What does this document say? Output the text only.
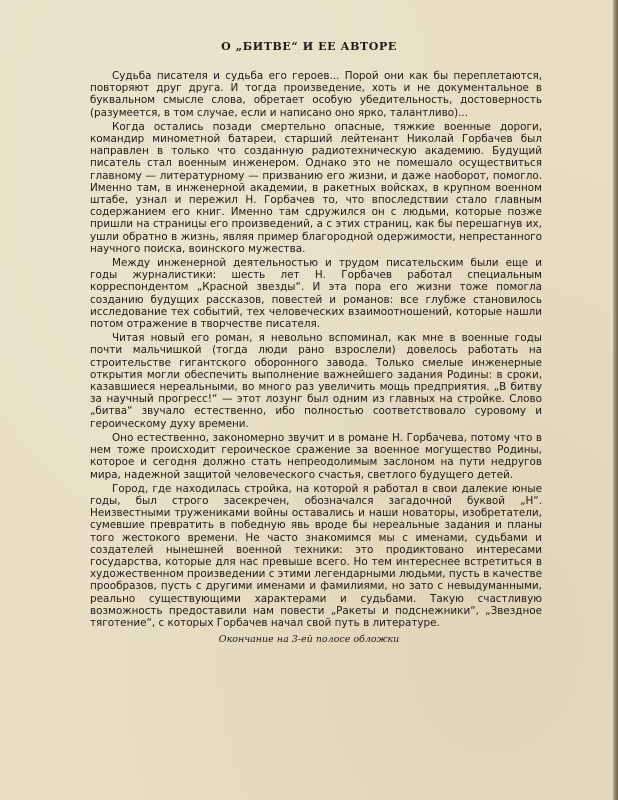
О „БИТВЕ“ И ЕЕ АВТОРЕ

Судьба писателя и судьба его героев... Порой они как бы переплетаются, повторяют друг друга. И тогда произведение, хоть и не документальное в буквальном смысле слова, обретает особую убедительность, достоверность (разумеется, в том случае, если и написано оно ярко, талантливо)...

Когда остались позади смертельно опасные, тяжкие военные дороги, командир минометной батареи, старший лейтенант Николай Горбачев был направлен в только что созданную радиотехническую академию. Будущий писатель стал военным инженером. Однако это не помешало осуществиться главному — литературному — призванию его жизни, и даже наоборот, помогло. Именно там, в инженерной академии, в ракетных войсках, в крупном военном штабе, узнал и пережил Н. Горбачев то, что впоследствии стало главным содержанием его книг. Именно там сдружился он с людьми, которые позже пришли на страницы его произведений, а с этих страниц, как бы перешагнув их, ушли обратно в жизнь, являя пример благородной одержимости, непрестанного научного поиска, воинского мужества.

Между инженерной деятельностью и трудом писательским были еще и годы журналистики: шесть лет Н. Горбачев работал специальным корреспондентом „Красной звезды“. И эта пора его жизни тоже помогла созданию будущих рассказов, повестей и романов: все глубже становилось исследование тех событий, тех человеческих взаимоотношений, которые нашли потом отражение в творчестве писателя.

Читая новый его роман, я невольно вспоминал, как мне в военные годы почти мальчишкой (тогда люди рано взрослели) довелось работать на строительстве гигантского оборонного завода. Только смелые инженерные открытия могли обеспечить выполнение важнейшего задания Родины: в сроки, казавшиеся нереальными, во много раз увеличить мощь предприятия. „В битву за научный прогресс!“ — этот лозунг был одним из главных на стройке. Слово „битва“ звучало естественно, ибо полностью соответствовало суровому и героическому духу времени.

Оно естественно, закономерно звучит и в романе Н. Горбачева, потому что в нем тоже происходит героическое сражение за военное могущество Родины, которое и сегодня должно стать непреодолимым заслоном на пути недругов мира, надежной защитой человеческого счастья, светлого будущего детей.

Город, где находилась стройка, на которой я работал в свои далекие юные годы, был строго засекречен, обозначался загадочной буквой „Н“. Неизвестными тружениками войны оставались и наши новаторы, изобретатели, сумевшие превратить в победную явь вроде бы нереальные задания и планы того жестокого времени. Не часто знакомимся мы с именами, судьбами и создателей нынешней военной техники: это продиктовано интересами государства, которые для нас превыше всего. Но тем интереснее встретиться в художественном произведении с этими легендарными людьми, пусть в качестве прообразов, пусть с другими именами и фамилиями, но зато с невыдуманными, реально существующими характерами и судьбами. Такую счастливую возможность предоставили нам повести „Ракеты и подснежники“, „Звездное тяготение“, с которых Горбачев начал свой путь в литературе.

Окончание на 3-ей полосе обложки
